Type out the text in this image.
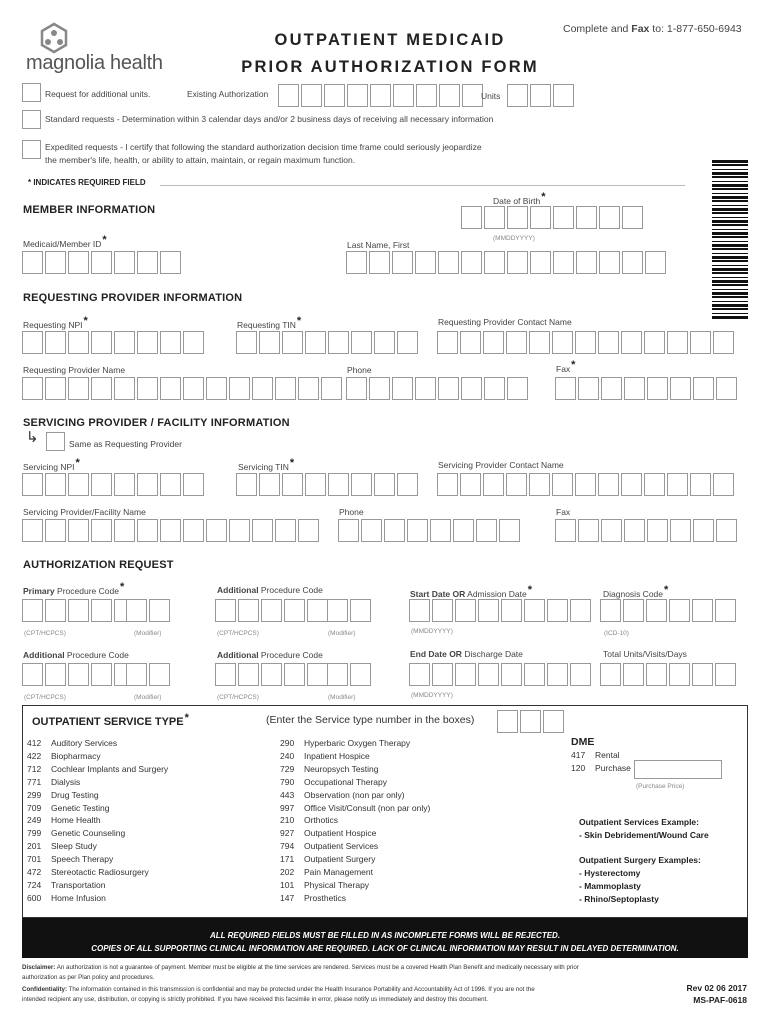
magnolia health
OUTPATIENT MEDICAID
PRIOR AUTHORIZATION FORM
Complete and Fax to: 1-877-650-6943
Request for additional units.	Existing Authorization	Units
Standard requests - Determination within 3 calendar days and/or 2 business days of receiving all necessary information
Expedited requests - I certify that following the standard authorization decision time frame could seriously jeopardize
the member's life, health, or ability to attain, maintain, or regain maximum function.
* INDICATES REQUIRED FIELD
MEMBER INFORMATION
Date of Birth*
(MMDDYYYY)
Medicaid/Member ID*	Last Name, First
REQUESTING PROVIDER INFORMATION
Requesting NPI*	Requesting TIN*	Requesting Provider Contact Name
Requesting Provider Name	Phone	Fax*
SERVICING PROVIDER / FACILITY INFORMATION
↳	Same as Requesting Provider
Servicing NPI*	Servicing TIN*	Servicing Provider Contact Name
Servicing Provider/Facility Name	Phone	Fax
AUTHORIZATION REQUEST
Primary Procedure Code*
(CPT/HCPCS)	(Modifier)
Additional Procedure Code
(CPT/HCPCS)	(Modifier)
Start Date OR Admission Date*
(MMDDYYYY)
Diagnosis Code*
(ICD-10)
Additional Procedure Code
(CPT/HCPCS)	(Modifier)
Additional Procedure Code
(CPT/HCPCS)	(Modifier)
End Date OR Discharge Date
(MMDDYYYY)
Total Units/Visits/Days
OUTPATIENT SERVICE TYPE*	(Enter the Service type number in the boxes)
412 Auditory Services
422 Biopharmacy
712 Cochlear Implants and Surgery
771 Dialysis
299 Drug Testing
709 Genetic Testing
249 Home Health
799 Genetic Counseling
201 Sleep Study
701 Speech Therapy
472 Stereotactic Radiosurgery
724 Transportation
600 Home Infusion
290 Hyperbaric Oxygen Therapy
240 Inpatient Hospice
729 Neuropsych Testing
790 Occupational Therapy
443 Observation (non par only)
997 Office Visit/Consult (non par only)
210 Orthotics
927 Outpatient Hospice
794 Outpatient Services
171 Outpatient Surgery
202 Pain Management
101 Physical Therapy
147 Prosthetics
DME
417 Rental
120 Purchase
(Purchase Price)
Outpatient Services Example:
- Skin Debridement/Wound Care
Outpatient Surgery Examples:
- Hysterectomy
- Mammoplasty
- Rhino/Septoplasty
ALL REQUIRED FIELDS MUST BE FILLED IN AS INCOMPLETE FORMS WILL BE REJECTED.
COPIES OF ALL SUPPORTING CLINICAL INFORMATION ARE REQUIRED. LACK OF CLINICAL INFORMATION MAY RESULT IN DELAYED DETERMINATION.
Disclaimer: An authorization is not a guarantee of payment. Member must be eligible at the time services are rendered. Services must be a covered Health Plan Benefit and medically necessary with prior
authorization as per Plan policy and procedures.
Confidentiality: The information contained in this transmission is confidential and may be protected under the Health Insurance Portability and Accountability Act of 1996. If you are not the
intended recipient any use, distribution, or copying is strictly prohibited. If you have received this facsimile in error, please notify us immediately and destroy this document.
Rev 02 06 2017
MS-PAF-0618
